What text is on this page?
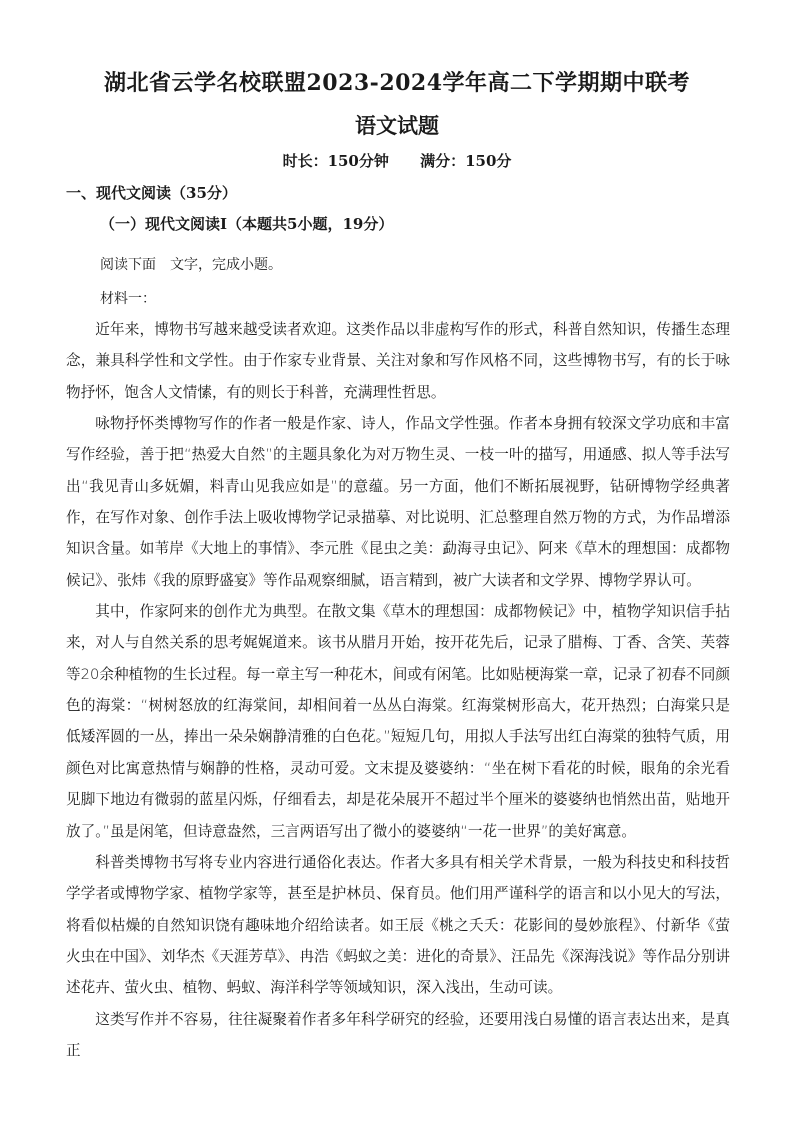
湖北省云学名校联盟2023-2024学年高二下学期期中联考
语文试题
时长：150分钟 满分：150分
一、现代文阅读（35分）
（一）现代文阅读Ⅰ（本题共5小题，19分）
阅读下面　文字，完成小题。
材料一：

近年来，博物书写越来越受读者欢迎。这类作品以非虚构写作的形式，科普自然知识，传播生态理念，兼具科学性和文学性。由于作家专业背景、关注对象和写作风格不同，这些博物书写，有的长于咏物抒怀，饱含人文情愫，有的则长于科普，充满理性哲思。

咏物抒怀类博物写作的作者一般是作家、诗人，作品文学性强。作者本身拥有较深文学功底和丰富写作经验，善于把“热爱大自然”的主题具象化为对万物生灵、一枝一叶的描写，用通感、拟人等手法写出“我见青山多妩媚，料青山见我应如是”的意蕴。另一方面，他们不断拓展视野，钻研博物学经典著作，在写作对象、创作手法上吸收博物学记录描摹、对比说明、汇总整理自然万物的方式，为作品增添知识含量。如苇岸《大地上的事情》、李元胜《昆虫之美：勐海寻虫记》、阿来《草木的理想国：成都物候记》、张炜《我的原野盛宴》等作品观察细腻，语言精到，被广大读者和文学界、博物学界认可。

其中，作家阿来的创作尤为典型。在散文集《草木的理想国：成都物候记》中，植物学知识信手拈来，对人与自然关系的思考娓娓道来。该书从腊月开始，按开花先后，记录了腊梅、丁香、含笑、芙蓉等20余种植物的生长过程。每一章主写一种花木，间或有闲笔。比如贴梗海棠一章，记录了初春不同颜色的海棠：“树树怒放的红海棠间，却相间着一丛丛白海棠。红海棠树形高大，花开热烈；白海棠只是低矮浑圆的一丛，捧出一朵朵娴静清雅的白色花。”短短几句，用拟人手法写出红白海棠的独特气质，用颜色对比寓意热情与娴静的性格，灵动可爱。文末提及婆婆纳：“坐在树下看花的时候，眼角的余光看见脚下地边有微弱的蓝星闪烁，仔细看去，却是花朵展开不超过半个厘米的婆婆纳也悄然出苗，贴地开放了。”虽是闲笔，但诗意盎然，三言两语写出了微小的婆婆纳“一花一世界”的美好寓意。

科普类博物书写将专业内容进行通俗化表达。作者大多具有相关学术背景，一般为科技史和科技哲学学者或博物学家、植物学家等，甚至是护林员、保育员。他们用严谨科学的语言和以小见大的写法，将看似枯燥的自然知识饶有趣味地介绍给读者。如王辰《桃之夭夭：花影间的曼妙旅程》、付新华《萤火虫在中国》、刘华杰《天涯芳草》、冉浩《蚂蚁之美：进化的奇景》、汪品先《深海浅说》等作品分别讲述花卉、萤火虫、植物、蚂蚁、海洋科学等领域知识，深入浅出，生动可读。

这类写作并不容易，往往凝聚着作者多年科学研究的经验，还要用浅白易懂的语言表达出来，是真正
